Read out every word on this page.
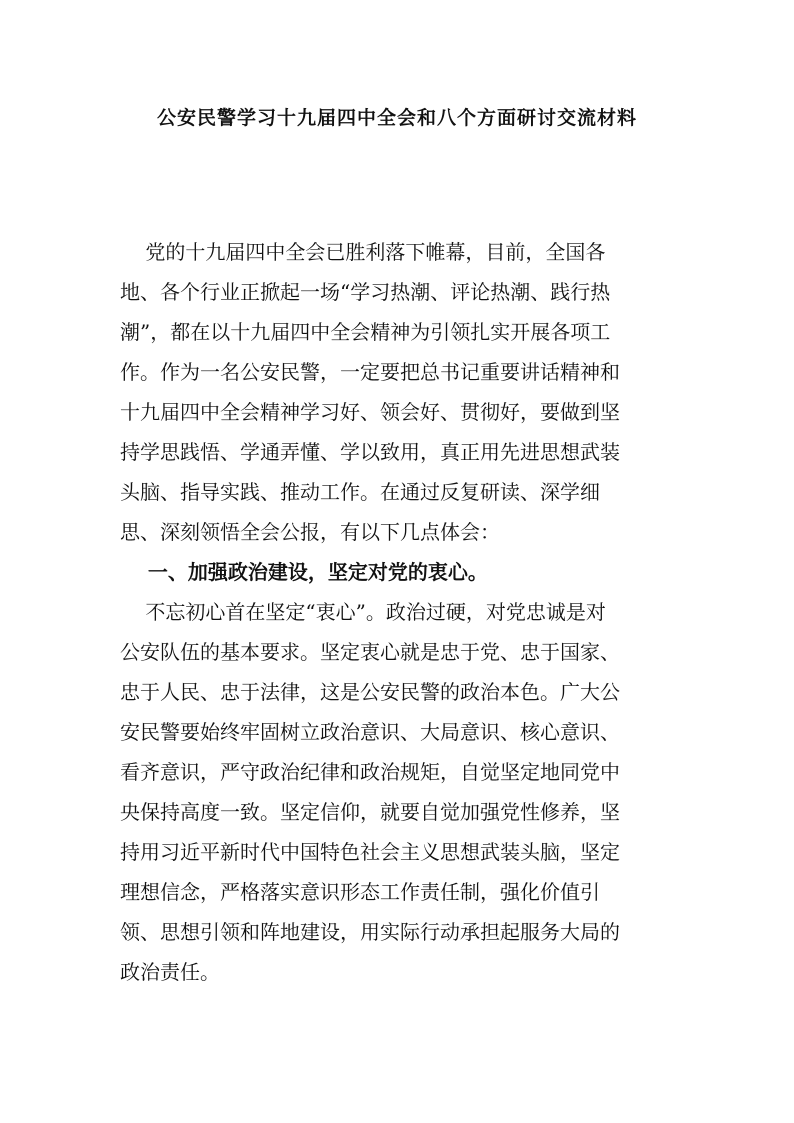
公安民警学习十九届四中全会和八个方面研讨交流材料
党的十九届四中全会已胜利落下帷幕，目前，全国各
地、各个行业正掀起一场“学习热潮、评论热潮、践行热
潮”，都在以十九届四中全会精神为引领扎实开展各项工
作。作为一名公安民警，一定要把总书记重要讲话精神和
十九届四中全会精神学习好、领会好、贯彻好，要做到坚
持学思践悟、学通弄懂、学以致用，真正用先进思想武装
头脑、指导实践、推动工作。在通过反复研读、深学细
思、深刻领悟全会公报，有以下几点体会：
一、加强政治建设，坚定对党的衷心。
不忘初心首在坚定“衷心”。政治过硬，对党忠诚是对
公安队伍的基本要求。坚定衷心就是忠于党、忠于国家、
忠于人民、忠于法律，这是公安民警的政治本色。广大公
安民警要始终牢固树立政治意识、大局意识、核心意识、
看齐意识，严守政治纪律和政治规矩，自觉坚定地同党中
央保持高度一致。坚定信仰，就要自觉加强党性修养，坚
持用习近平新时代中国特色社会主义思想武装头脑，坚定
理想信念，严格落实意识形态工作责任制，强化价值引
领、思想引领和阵地建设，用实际行动承担起服务大局的
政治责任。
